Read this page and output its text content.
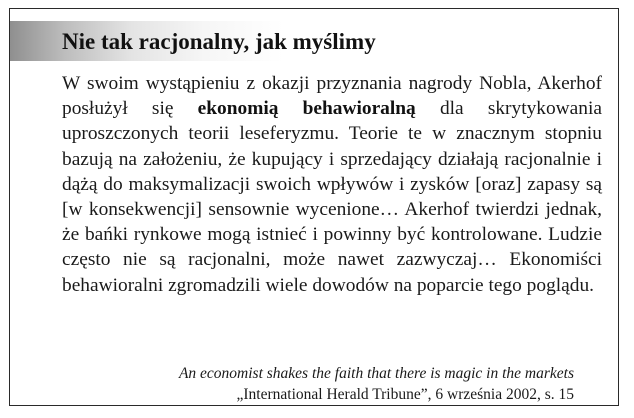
Nie tak racjonalny, jak myślimy

W swoim wystąpieniu z okazji przyznania nagrody Nobla, Akerhof posłużył się ekonomią behawioralną dla skrytykowania uproszczonych teorii leseferyzmu. Teorie te w znacznym stopniu bazują na założeniu, że kupujący i sprzedający działają racjonalnie i dążą do maksymalizacji swoich wpływów i zysków [oraz] zapasy są [w konsekwencji] sensownie wycenione… Akerhof twierdzi jednak, że bańki rynkowe mogą istnieć i powinny być kontrolowane. Ludzie często nie są racjonalni, może nawet zazwyczaj… Ekonomiści behawioralni zgromadzili wiele dowodów na poparcie tego poglądu.

An economist shakes the faith that there is magic in the markets
„International Herald Tribune”, 6 września 2002, s. 15
